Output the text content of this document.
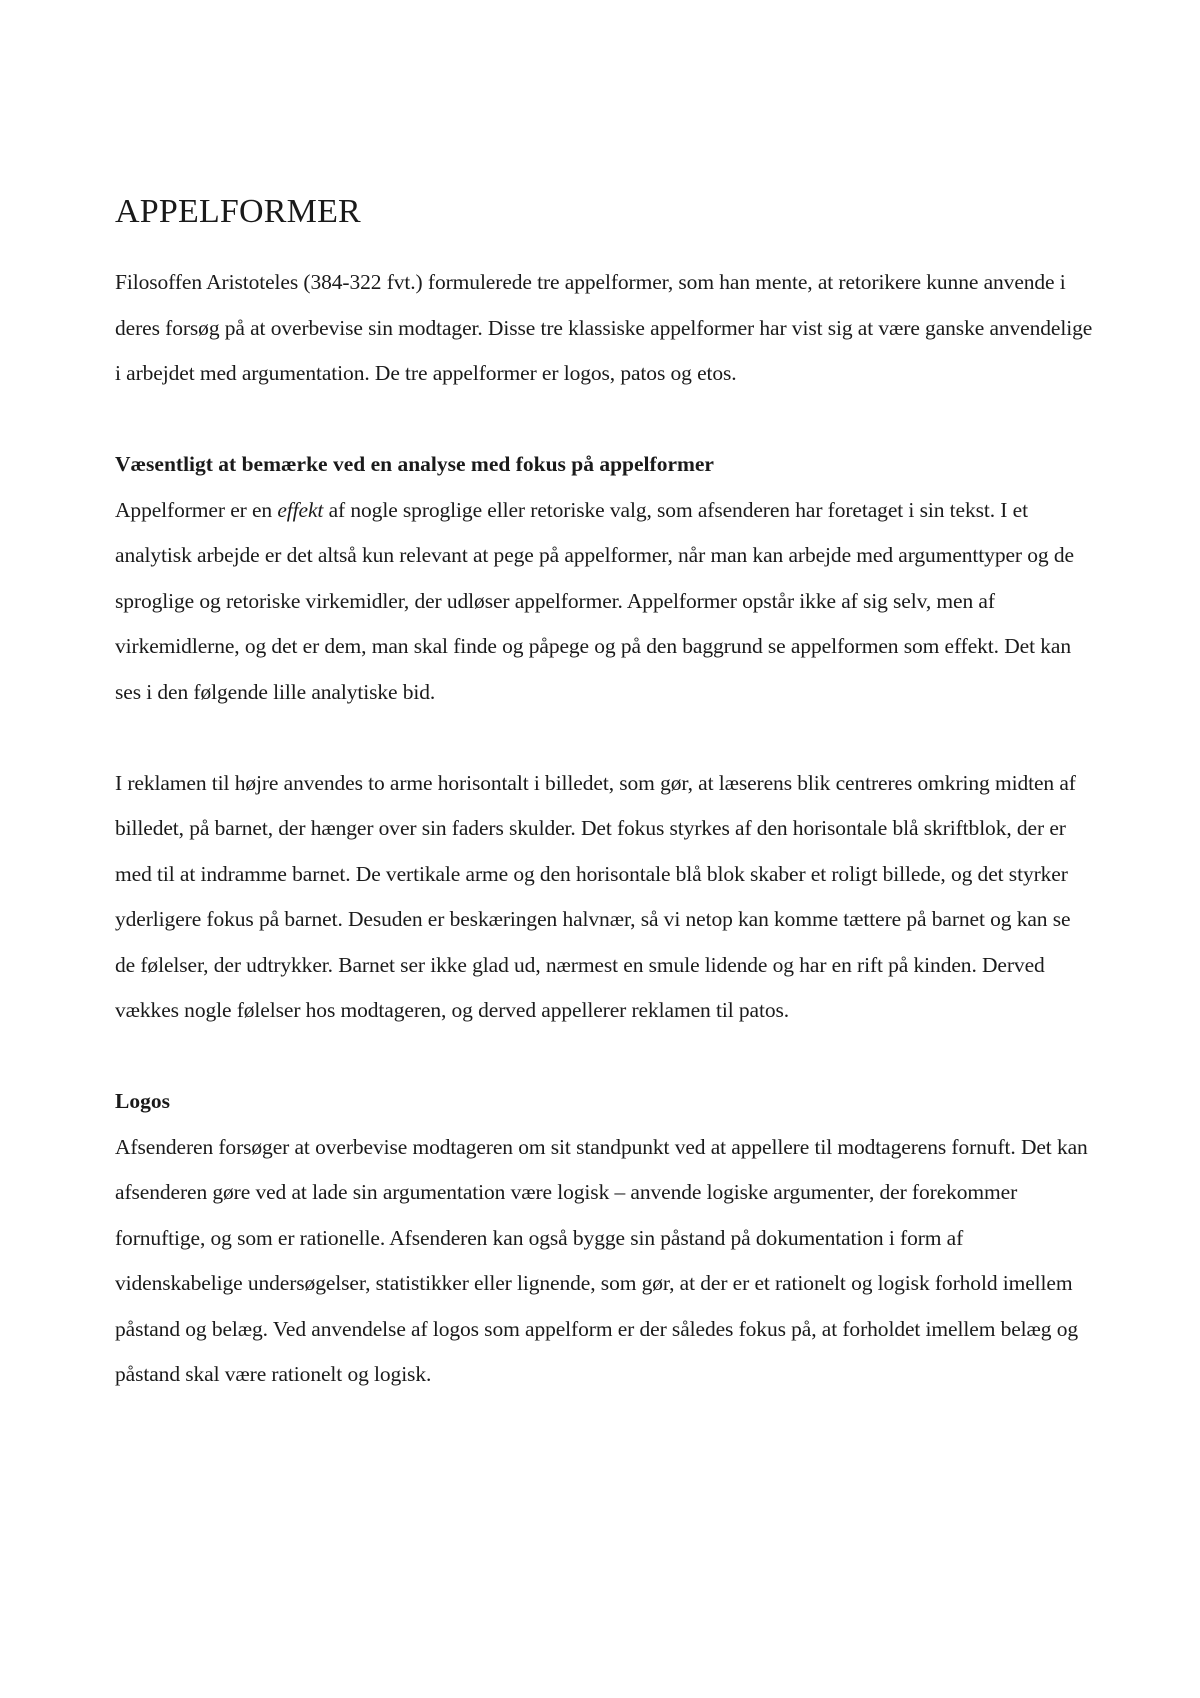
APPELFORMER

Filosoffen Aristoteles (384-322 fvt.) formulerede tre appelformer, som han mente, at retorikere kunne anvende i deres forsøg på at overbevise sin modtager. Disse tre klassiske appelformer har vist sig at være ganske anvendelige i arbejdet med argumentation. De tre appelformer er logos, patos og etos.

Væsentligt at bemærke ved en analyse med fokus på appelformer

Appelformer er en effekt af nogle sproglige eller retoriske valg, som afsenderen har foretaget i sin tekst. I et analytisk arbejde er det altså kun relevant at pege på appelformer, når man kan arbejde med argumenttyper og de sproglige og retoriske virkemidler, der udløser appelformer. Appelformer opstår ikke af sig selv, men af virkemidlerne, og det er dem, man skal finde og påpege og på den baggrund se appelformen som effekt. Det kan ses i den følgende lille analytiske bid.

I reklamen til højre anvendes to arme horisontalt i billedet, som gør, at læserens blik centreres omkring midten af billedet, på barnet, der hænger over sin faders skulder. Det fokus styrkes af den horisontale blå skriftblok, der er med til at indramme barnet. De vertikale arme og den horisontale blå blok skaber et roligt billede, og det styrker yderligere fokus på barnet. Desuden er beskæringen halvnær, så vi netop kan komme tættere på barnet og kan se de følelser, der udtrykker. Barnet ser ikke glad ud, nærmest en smule lidende og har en rift på kinden. Derved vækkes nogle følelser hos modtageren, og derved appellerer reklamen til patos.

Logos

Afsenderen forsøger at overbevise modtageren om sit standpunkt ved at appellere til modtagerens fornuft. Det kan afsenderen gøre ved at lade sin argumentation være logisk – anvende logiske argumenter, der forekommer fornuftige, og som er rationelle. Afsenderen kan også bygge sin påstand på dokumentation i form af videnskabelige undersøgelser, statistikker eller lignende, som gør, at der er et rationelt og logisk forhold imellem påstand og belæg. Ved anvendelse af logos som appelform er der således fokus på, at forholdet imellem belæg og påstand skal være rationelt og logisk.
